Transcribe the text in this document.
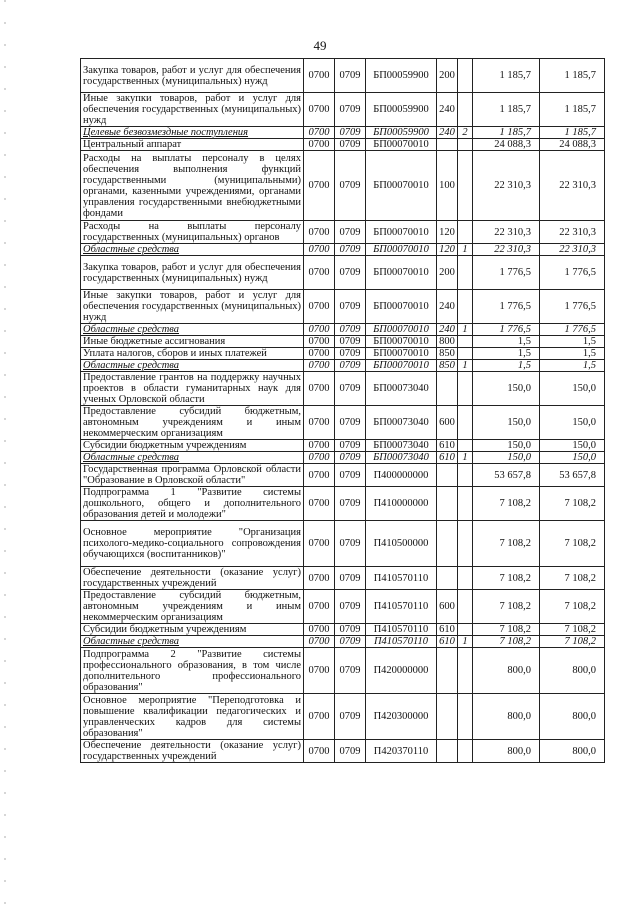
49
Закупка товаров, работ и услуг для обеспечения государственных (муниципальных) нужд	0700	0709	БП00059900	200		1 185,7	1 185,7
Иные закупки товаров, работ и услуг для обеспечения государственных (муниципальных) нужд	0700	0709	БП00059900	240		1 185,7	1 185,7
Целевые безвозмездные поступления	0700	0709	БП00059900	240	2	1 185,7	1 185,7
Центральный аппарат	0700	0709	БП00070010			24 088,3	24 088,3
Расходы на выплаты персоналу в целях обеспечения выполнения функций государственными (муниципальными) органами, казенными учреждениями, органами управления государственными внебюджетными фондами	0700	0709	БП00070010	100		22 310,3	22 310,3
Расходы на выплаты персоналу государственных (муниципальных) органов	0700	0709	БП00070010	120		22 310,3	22 310,3
Областные средства	0700	0709	БП00070010	120	1	22 310,3	22 310,3
Закупка товаров, работ и услуг для обеспечения государственных (муниципальных) нужд	0700	0709	БП00070010	200		1 776,5	1 776,5
Иные закупки товаров, работ и услуг для обеспечения государственных (муниципальных) нужд	0700	0709	БП00070010	240		1 776,5	1 776,5
Областные средства	0700	0709	БП00070010	240	1	1 776,5	1 776,5
Иные бюджетные ассигнования	0700	0709	БП00070010	800		1,5	1,5
Уплата налогов, сборов и иных платежей	0700	0709	БП00070010	850		1,5	1,5
Областные средства	0700	0709	БП00070010	850	1	1,5	1,5
Предоставление грантов на поддержку научных проектов в области гуманитарных наук для ученых Орловской области	0700	0709	БП00073040			150,0	150,0
Предоставление субсидий бюджетным, автономным учреждениям и иным некоммерческим организациям	0700	0709	БП00073040	600		150,0	150,0
Субсидии бюджетным учреждениям	0700	0709	БП00073040	610		150,0	150,0
Областные средства	0700	0709	БП00073040	610	1	150,0	150,0
Государственная программа Орловской области "Образование в Орловской области"	0700	0709	П400000000			53 657,8	53 657,8
Подпрограмма 1 "Развитие системы дошкольного, общего и дополнительного образования детей и молодежи"	0700	0709	П410000000			7 108,2	7 108,2
Основное мероприятие "Организация психолого-медико-социального сопровождения обучающихся (воспитанников)"	0700	0709	П410500000			7 108,2	7 108,2
Обеспечение деятельности (оказание услуг) государственных учреждений	0700	0709	П410570110			7 108,2	7 108,2
Предоставление субсидий бюджетным, автономным учреждениям и иным некоммерческим организациям	0700	0709	П410570110	600		7 108,2	7 108,2
Субсидии бюджетным учреждениям	0700	0709	П410570110	610		7 108,2	7 108,2
Областные средства	0700	0709	П410570110	610	1	7 108,2	7 108,2
Подпрограмма 2 "Развитие системы профессионального образования, в том числе дополнительного профессионального образования"	0700	0709	П420000000			800,0	800,0
Основное мероприятие "Переподготовка и повышение квалификации педагогических и управленческих кадров для системы образования"	0700	0709	П420300000			800,0	800,0
Обеспечение деятельности (оказание услуг) государственных учреждений	0700	0709	П420370110			800,0	800,0
